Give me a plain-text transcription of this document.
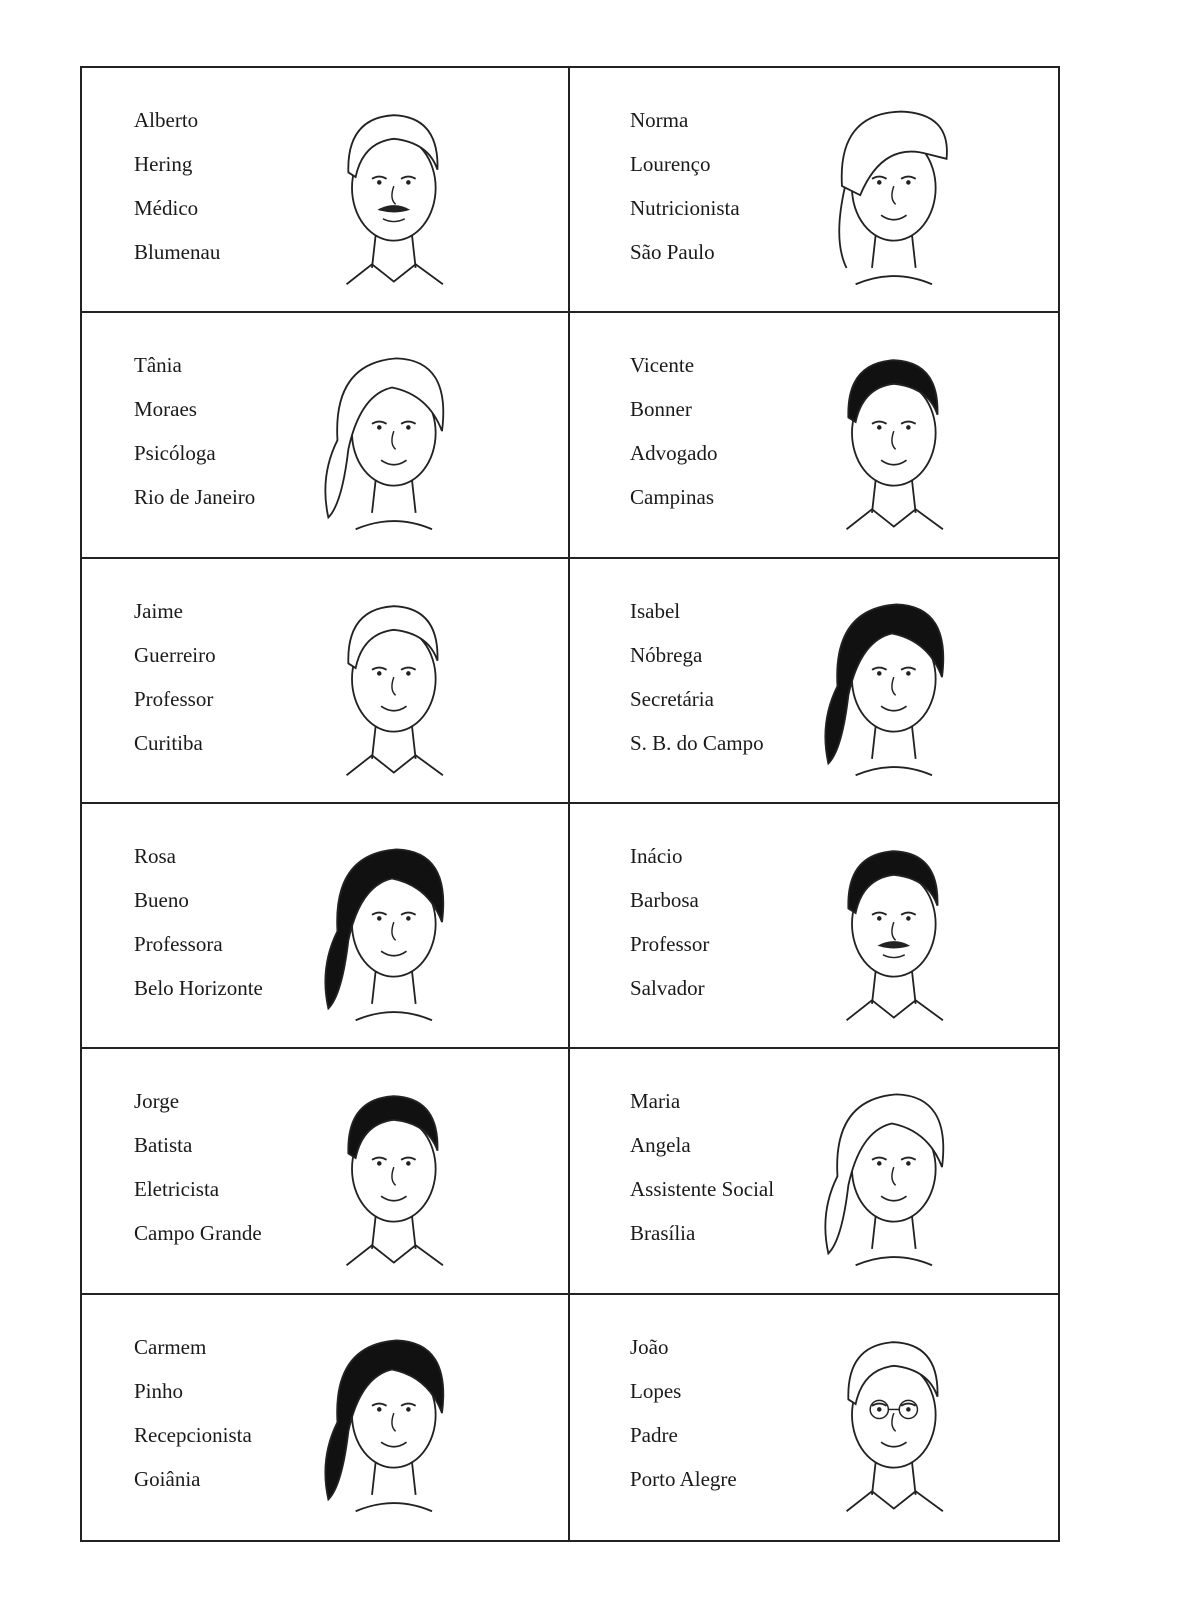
Alberto
Hering
Médico
Blumenau
Norma
Lourenço
Nutricionista
São Paulo
Tânia
Moraes
Psicóloga
Rio de Janeiro
Vicente
Bonner
Advogado
Campinas
Jaime
Guerreiro
Professor
Curitiba
Isabel
Nóbrega
Secretária
S. B. do Campo
Rosa
Bueno
Professora
Belo Horizonte
Inácio
Barbosa
Professor
Salvador
Jorge
Batista
Eletricista
Campo Grande
Maria
Angela
Assistente Social
Brasília
Carmem
Pinho
Recepcionista
Goiânia
João
Lopes
Padre
Porto Alegre
